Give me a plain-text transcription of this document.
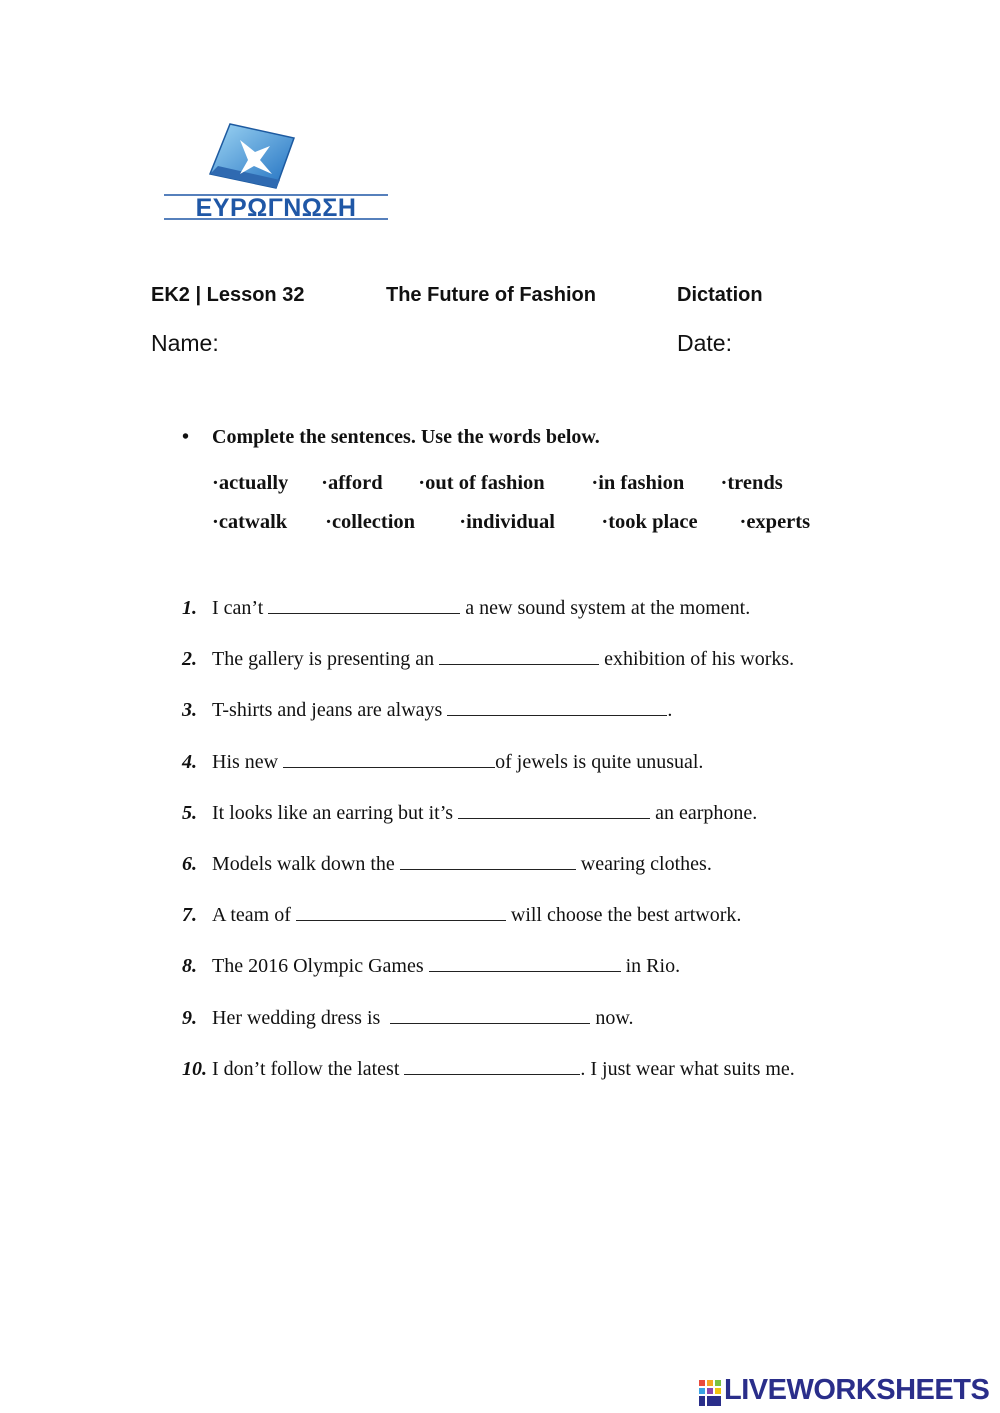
ΕΥΡΩΓΝΩΣΗ
EK2 | Lesson 32	The Future of Fashion	Dictation
Name:	Date:
• Complete the sentences. Use the words below.
·actually ·afford ·out of fashion ·in fashion ·trends
·catwalk ·collection ·individual ·took place ·experts
1. I can’t	a new sound system at the moment.
2. The gallery is presenting an	exhibition of his works.
3. T-shirts and jeans are always	.
4. His new	of jewels is quite unusual.
5. It looks like an earring but it’s	an earphone.
6. Models walk down the	wearing clothes.
7. A team of	will choose the best artwork.
8. The 2016 Olympic Games	in Rio.
9. Her wedding dress is	now.
10. I don’t follow the latest	. I just wear what suits me.
LIVEWORKSHEETS
